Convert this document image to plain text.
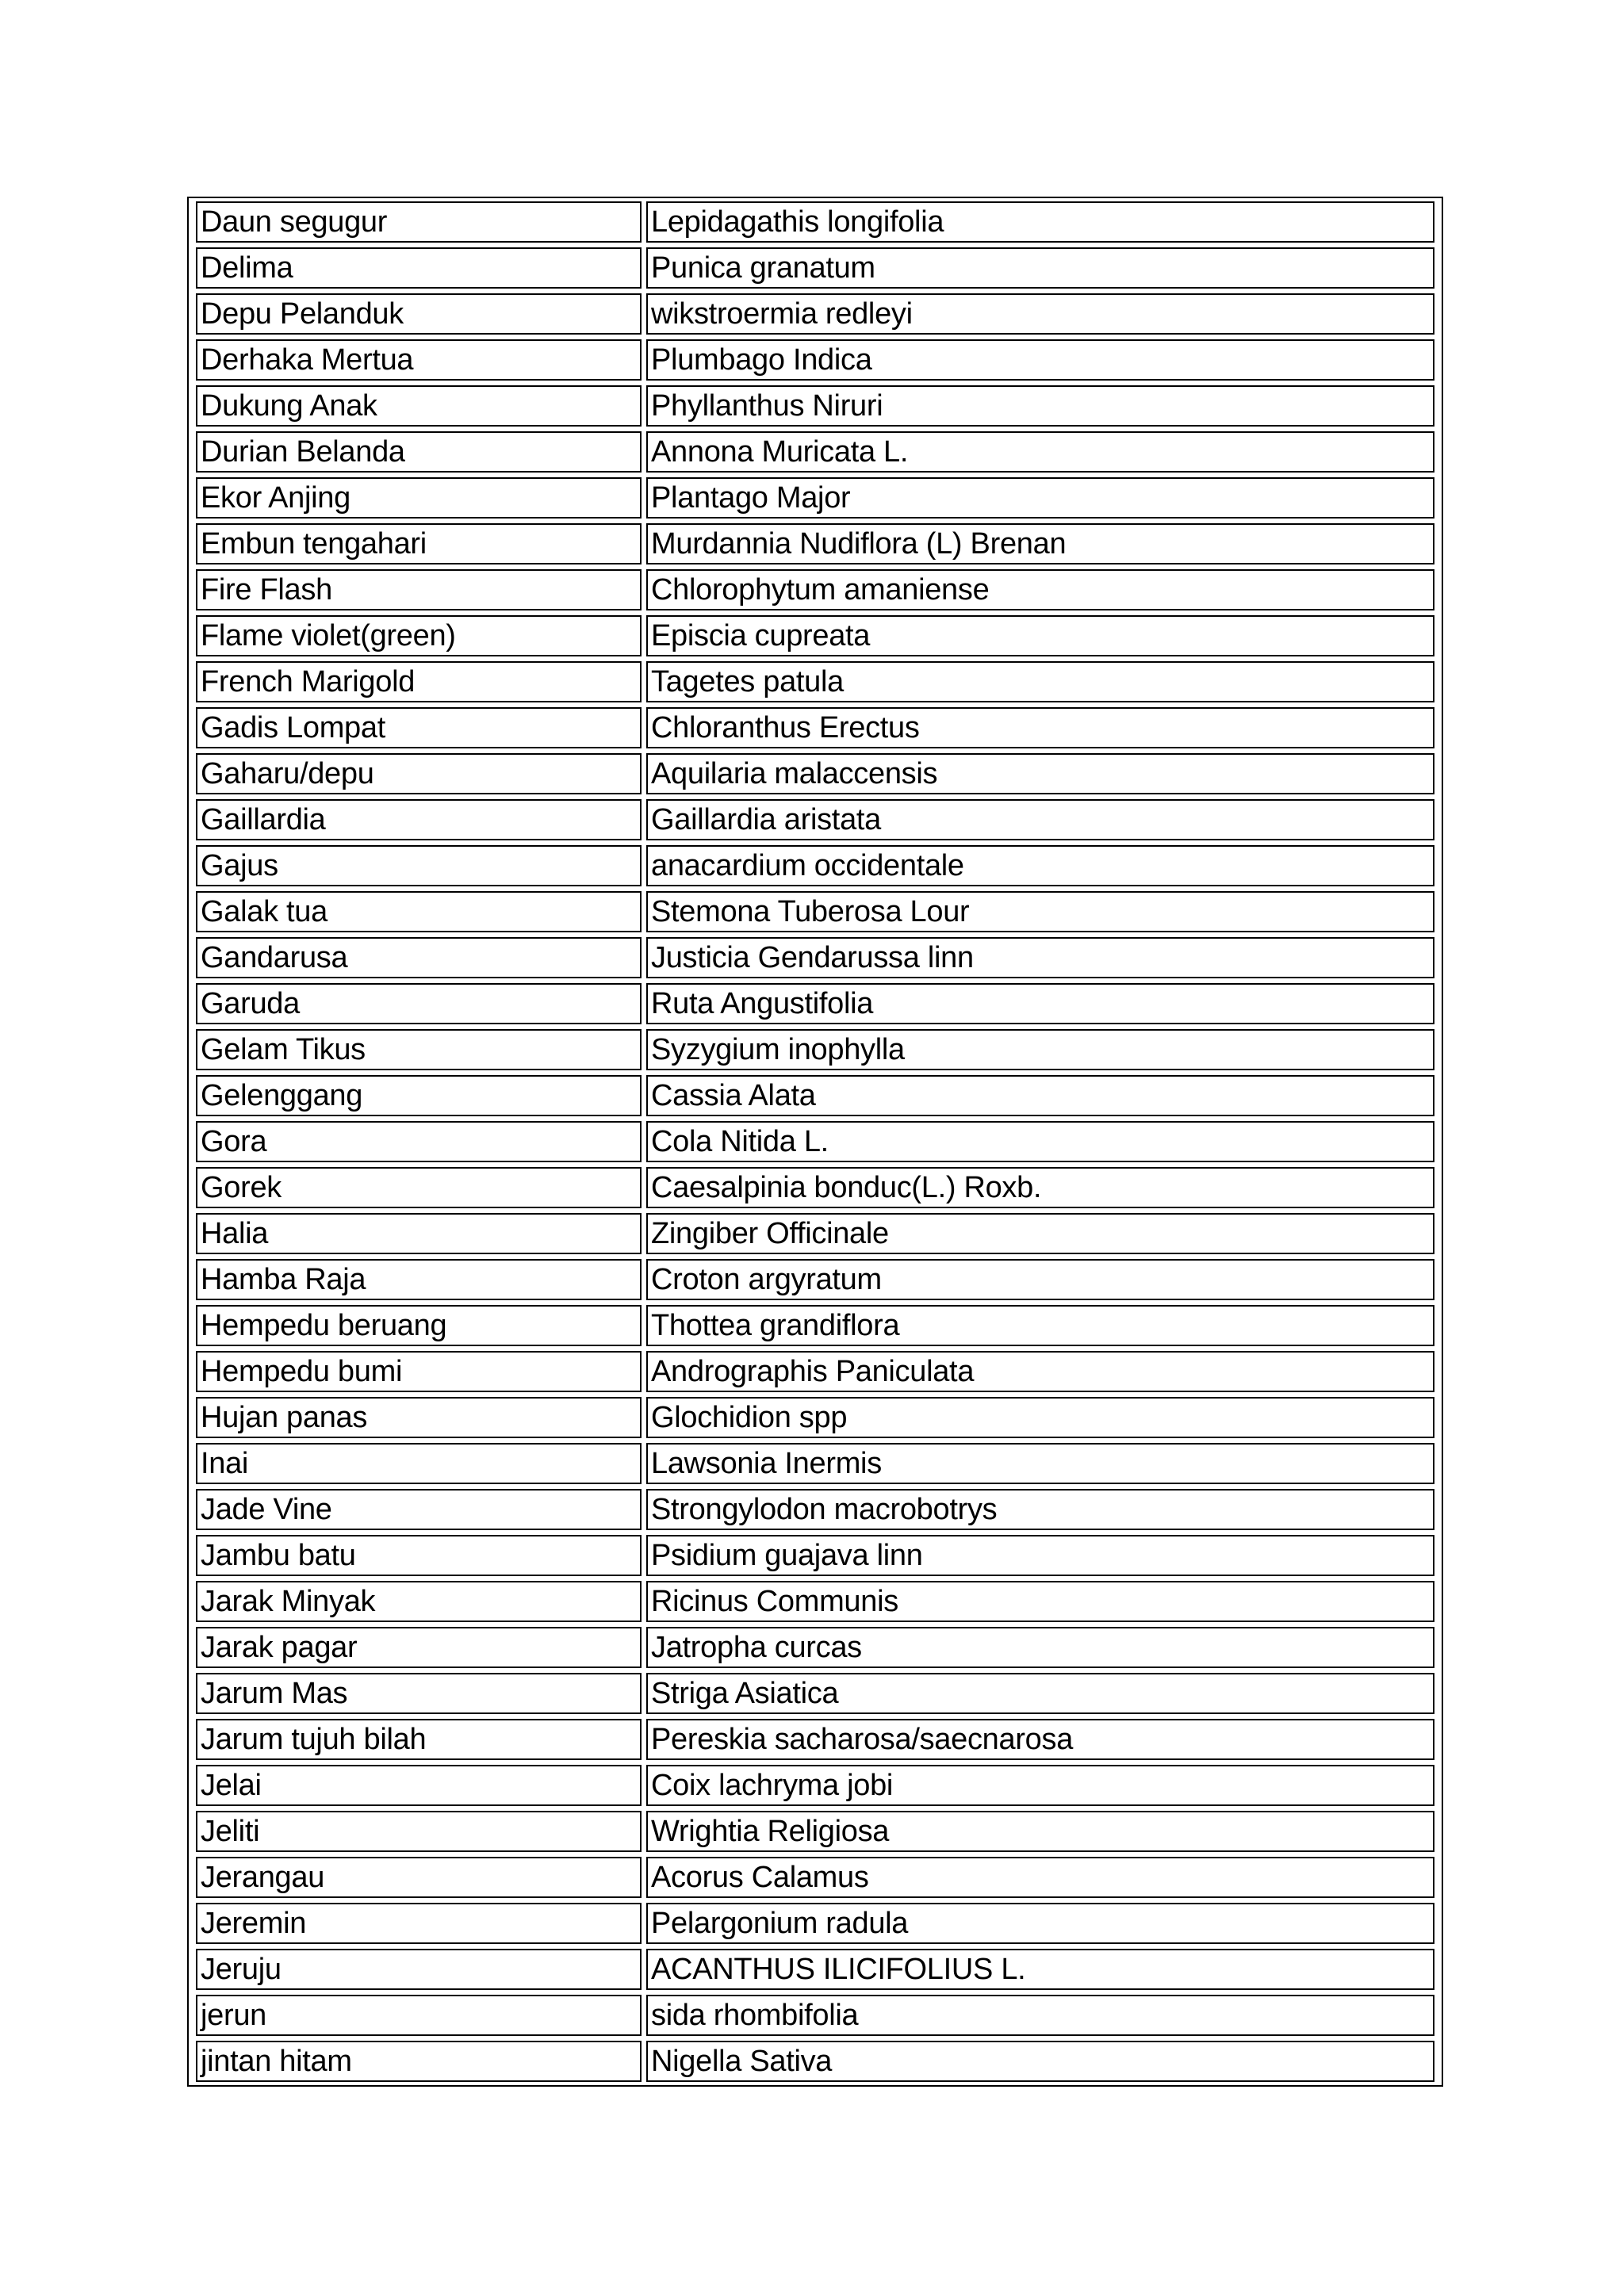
Daun segugur	Lepidagathis longifolia
Delima	Punica granatum
Depu Pelanduk	wikstroermia redleyi
Derhaka Mertua	Plumbago Indica
Dukung Anak	Phyllanthus Niruri
Durian Belanda	Annona Muricata L.
Ekor Anjing	Plantago Major
Embun tengahari	Murdannia Nudiflora (L) Brenan
Fire Flash	Chlorophytum amaniense
Flame violet(green)	Episcia cupreata
French Marigold	Tagetes patula
Gadis Lompat	Chloranthus Erectus
Gaharu/depu	Aquilaria malaccensis
Gaillardia	Gaillardia aristata
Gajus	anacardium occidentale
Galak tua	Stemona Tuberosa Lour
Gandarusa	Justicia Gendarussa linn
Garuda	Ruta Angustifolia
Gelam Tikus	Syzygium inophylla
Gelenggang	Cassia Alata
Gora	Cola Nitida L.
Gorek	Caesalpinia bonduc(L.) Roxb.
Halia	Zingiber Officinale
Hamba Raja	Croton argyratum
Hempedu beruang	Thottea grandiflora
Hempedu bumi	Andrographis Paniculata
Hujan panas	Glochidion spp
Inai	Lawsonia Inermis
Jade Vine	Strongylodon macrobotrys
Jambu batu	Psidium guajava linn
Jarak Minyak	Ricinus Communis
Jarak pagar	Jatropha curcas
Jarum Mas	Striga Asiatica
Jarum tujuh bilah	Pereskia sacharosa/saecnarosa
Jelai	Coix lachryma jobi
Jeliti	Wrightia Religiosa
Jerangau	Acorus Calamus
Jeremin	Pelargonium radula
Jeruju	ACANTHUS ILICIFOLIUS L.
jerun	sida rhombifolia
jintan hitam	Nigella Sativa
